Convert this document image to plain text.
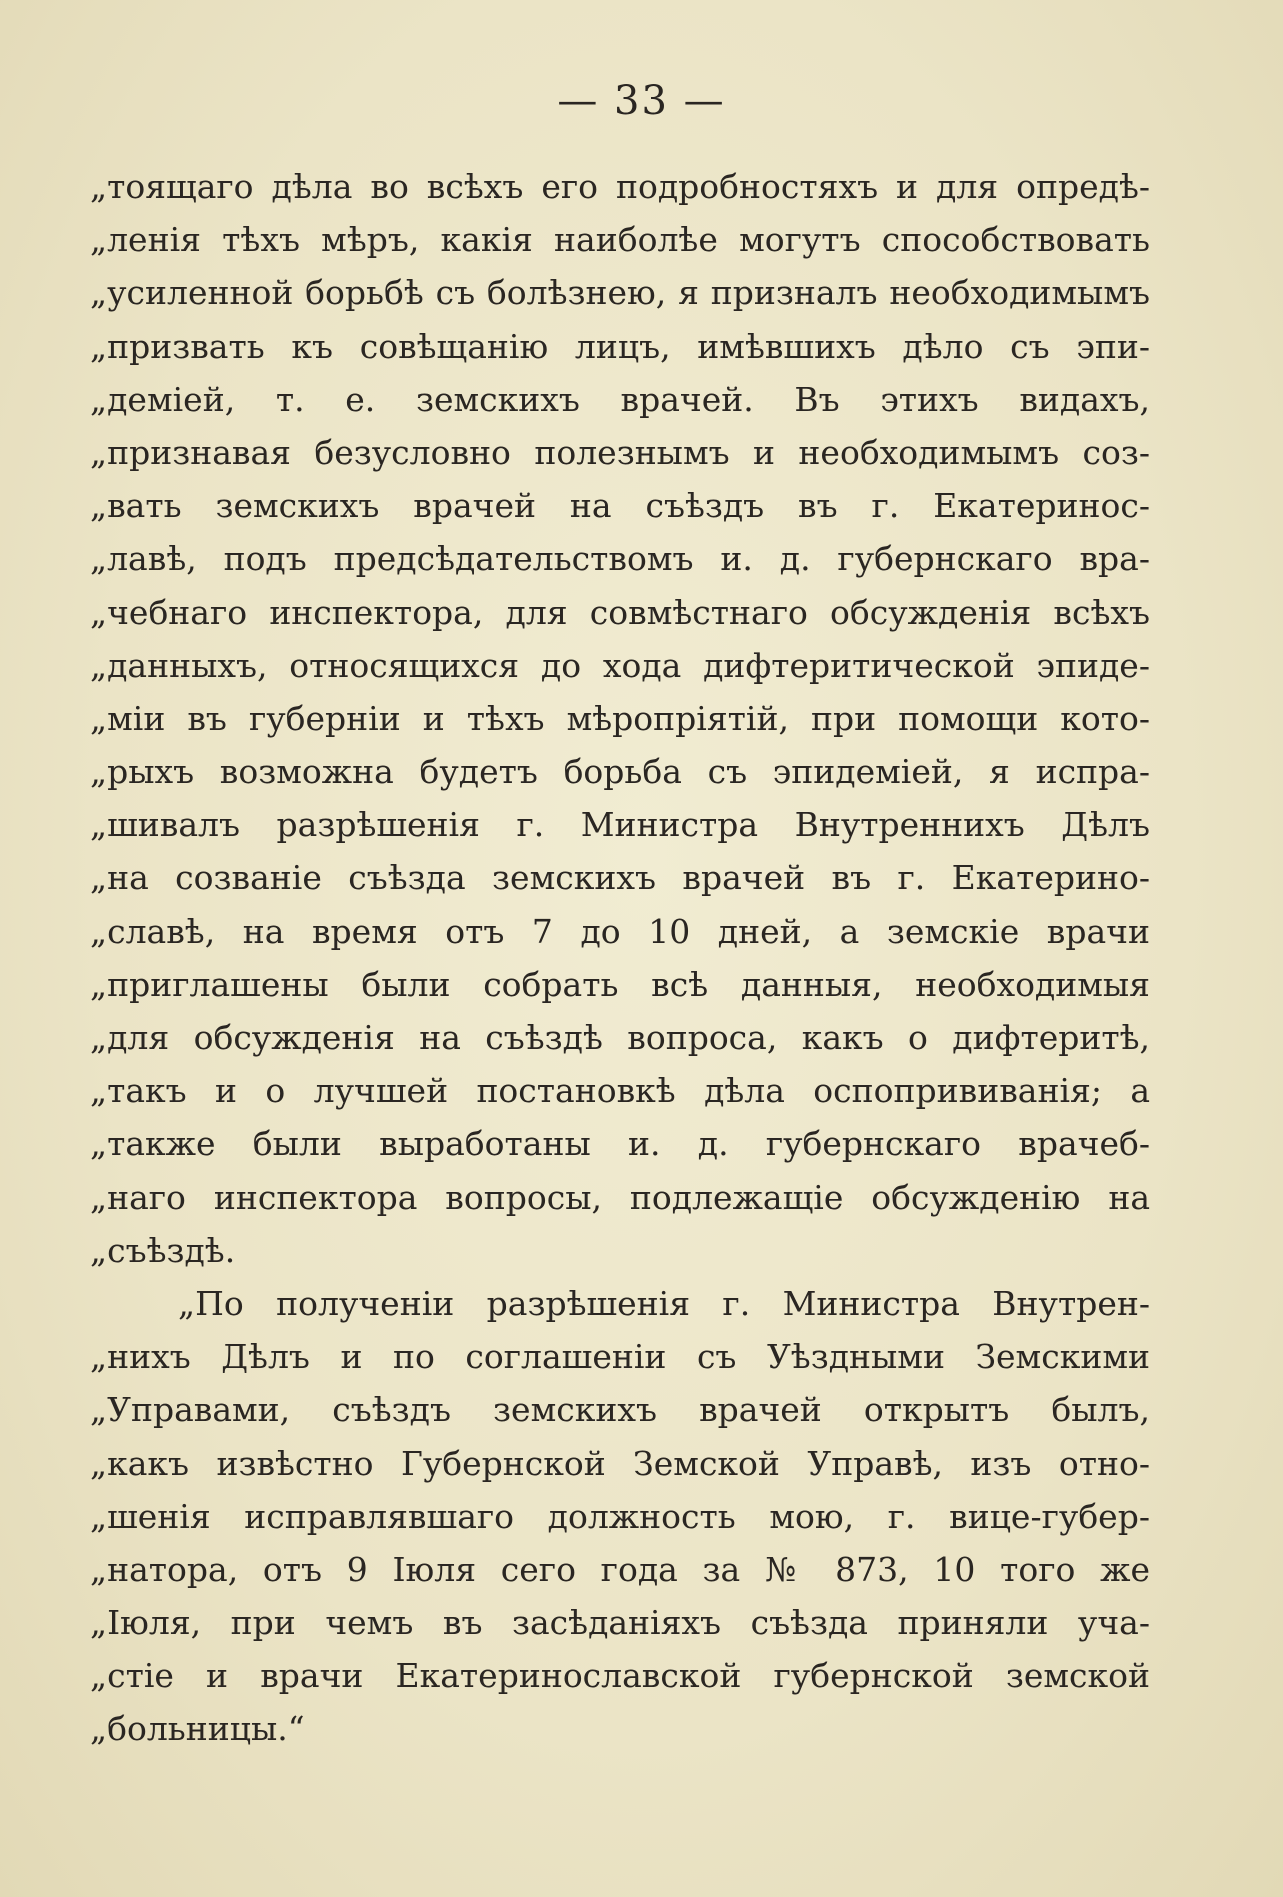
— 33 —
„тоящаго дѣла во всѣхъ его подробностяхъ и для опредѣ-
„ленія тѣхъ мѣръ, какія наиболѣе могутъ способствовать
„усиленной борьбѣ съ болѣзнею, я призналъ необходимымъ
„призвать къ совѣщанію лицъ, имѣвшихъ дѣло съ эпи-
„деміей, т. е. земскихъ врачей. Въ этихъ видахъ,
„признавая безусловно полезнымъ и необходимымъ соз-
„вать земскихъ врачей на съѣздъ въ г. Екатеринос-
„лавѣ, подъ предсѣдательствомъ и. д. губернскаго вра-
„чебнаго инспектора, для совмѣстнаго обсужденія всѣхъ
„данныхъ, относящихся до хода дифтеритической эпиде-
„міи въ губерніи и тѣхъ мѣропріятій, при помощи кото-
„рыхъ возможна будетъ борьба съ эпидеміей, я испра-
„шивалъ разрѣшенія г. Министра Внутреннихъ Дѣлъ
„на созваніе съѣзда земскихъ врачей въ г. Екатерино-
„славѣ, на время отъ 7 до 10 дней, а земскіе врачи
„приглашены были собрать всѣ данныя, необходимыя
„для обсужденія на съѣздѣ вопроса, какъ о дифтеритѣ,
„такъ и о лучшей постановкѣ дѣла оспопрививанія; а
„также были выработаны и. д. губернскаго врачеб-
„наго инспектора вопросы, подлежащіе обсужденію на
„съѣздѣ.
„По полученіи разрѣшенія г. Министра Внутрен-
„нихъ Дѣлъ и по соглашеніи съ Уѣздными Земскими
„Управами, съѣздъ земскихъ врачей открытъ былъ,
„какъ извѣстно Губернской Земской Управѣ, изъ отно-
„шенія исправлявшаго должность мою, г. вице-губер-
„натора, отъ 9 Іюля сего года за № 873, 10 того же
„Іюля, при чемъ въ засѣданіяхъ съѣзда приняли уча-
„стіе и врачи Екатеринославской губернской земской
„больницы.“
